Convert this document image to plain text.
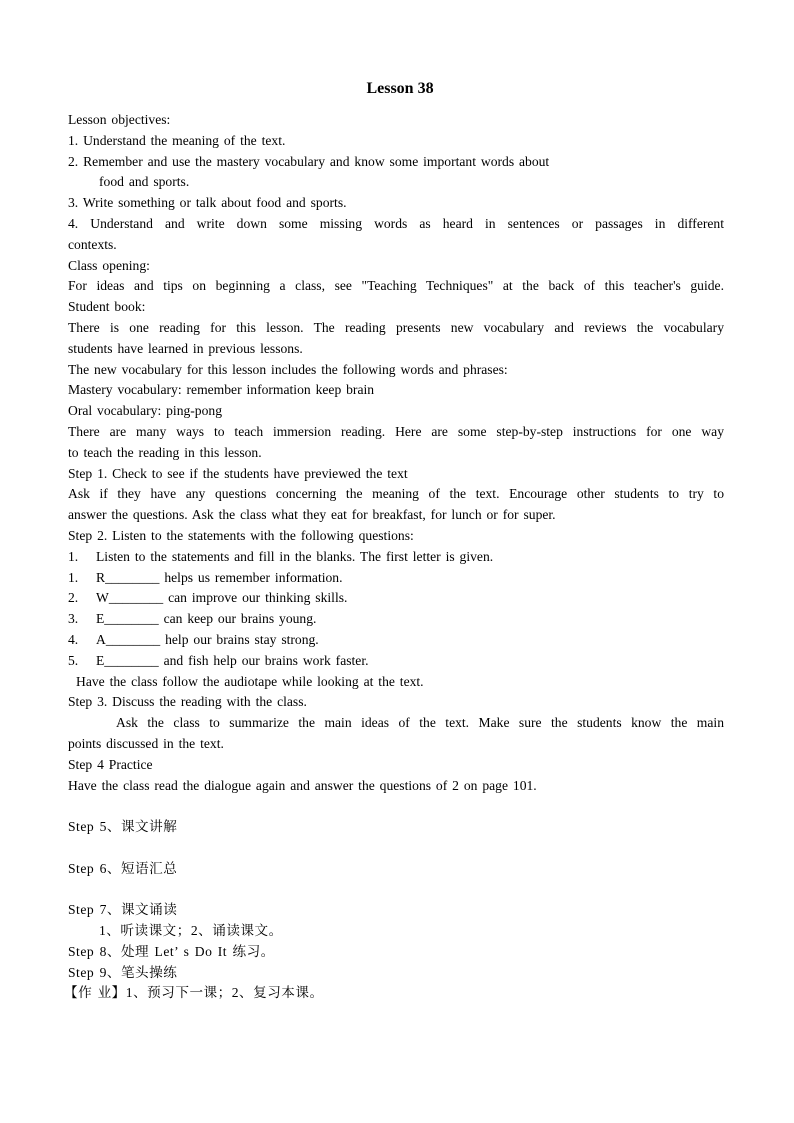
Lesson 38
Lesson objectives:
1. Understand the meaning of the text.
2. Remember and use the mastery vocabulary and know some important words about
food and sports.
3. Write something or talk about food and sports.
4. Understand and write down some missing words as heard in sentences or passages in different
contexts.
Class opening:
For ideas and tips on beginning a class, see "Teaching Techniques" at the back of this teacher's guide.
Student book:
There is one reading for this lesson. The reading presents new vocabulary and reviews the vocabulary
students have learned in previous lessons.
The new vocabulary for this lesson includes the following words and phrases:
Mastery vocabulary: remember information keep brain
Oral vocabulary: ping-pong
There are many ways to teach immersion reading. Here are some step-by-step instructions for one way
to teach the reading in this lesson.
Step 1. Check to see if the students have previewed the text
Ask if they have any questions concerning the meaning of the text. Encourage other students to try to
answer the questions. Ask the class what they eat for breakfast, for lunch or for super.
Step 2. Listen to the statements with the following questions:
1. Listen to the statements and fill in the blanks. The first letter is given.
1. R________ helps us remember information.
2. W________ can improve our thinking skills.
3. E________ can keep our brains young.
4. A________ help our brains stay strong.
5. E________ and fish help our brains work faster.
Have the class follow the audiotape while looking at the text.
Step 3. Discuss the reading with the class.
Ask the class to summarize the main ideas of the text. Make sure the students know the main
points discussed in the text.
Step 4 Practice
Have the class read the dialogue again and answer the questions of 2 on page 101.
Step 5、课文讲解
Step 6、短语汇总
Step 7、课文诵读
1、听读课文；2、诵读课文。
Step 8、处理 Let’ s Do It 练习。
Step 9、笔头操练
【作 业】1、预习下一课；2、复习本课。
